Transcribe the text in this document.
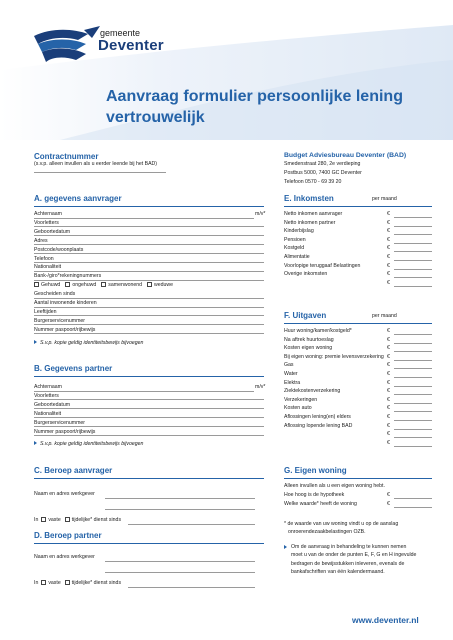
gemeente
Deventer
Aanvraag formulier persoonlijke lening
vertrouwelijk
Contractnummer
(s.v.p. alleen invullen als u eerder leende bij het BAD)
Budget Adviesbureau Deventer (BAD)
Smedenstraat 280, 2e verdieping
Postbus 5000, 7400 GC Deventer
Telefoon 0570 - 69 39 20
A. gegevens aanvrager	E. Inkomsten	per maand
F. Uitgaven	per maand
B. Gegevens partner
C. Beroep aanvrager	G. Eigen woning
D. Beroep partner
Achternaam	m/v*
Voorletters
Geboortedatum
Adres
Postcode/woonplaats
Telefoon
Nationaliteit
Bank-/giro*rekeningnummers
Gehuwd ongehuwd samenwonend weduwe
Gescheiden sinds
Aantal inwonende kinderen
Leeftijden
Burgerservicenummer
Nummer paspoort/rijbewijs
S.v.p. kopie geldig identiteitsbewijs bijvoegen
Achternaam	m/v*
Voorletters
Geboortedatum
Nationaliteit
Burgerservicenummer
Nummer paspoort/rijbewijs
S.v.p. kopie geldig identiteitsbewijs bijvoegen
Naam en adres werkgever
In vaste tijdelijke* dienst sinds
Naam en adres werkgever
In vaste tijdelijke* dienst sinds
Netto inkomen aanvrager	€
Netto inkomen partner	€
Kinderbijslag	€
Pensioen	€
Kostgeld	€
Alimentatie	€
Voorlopige teruggaaf Belastingen	€
Overige inkomsten	€
€
Huur woning/kamer/kostgeld*	€
Na aftrek huurtoeslag	€
Kosten eigen woning	€
Bij eigen woning: premie levensverzekering €
Gas	€
Water	€
Elektra	€
Ziektekostenverzekering	€
Verzekeringen	€
Kosten auto	€
Aflossingen lening(en) elders	€
Aflossing lopende lening BAD	€
€
€
Alleen invullen als u een eigen woning hebt.
Hoe hoog is de hypotheek	€
Welke waarde* heeft de woning	€
* de waarde van uw woning vindt u op de aanslag
onroerendezaakbelastingen OZB.
Om de aanvraag in behandeling te kunnen nemen
moet u van de onder de punten E, F, G en H ingevulde
bedragen de bewijsstukken inleveren, evenals de
bankafschriften van één kalendermaand.
www.deventer.nl
